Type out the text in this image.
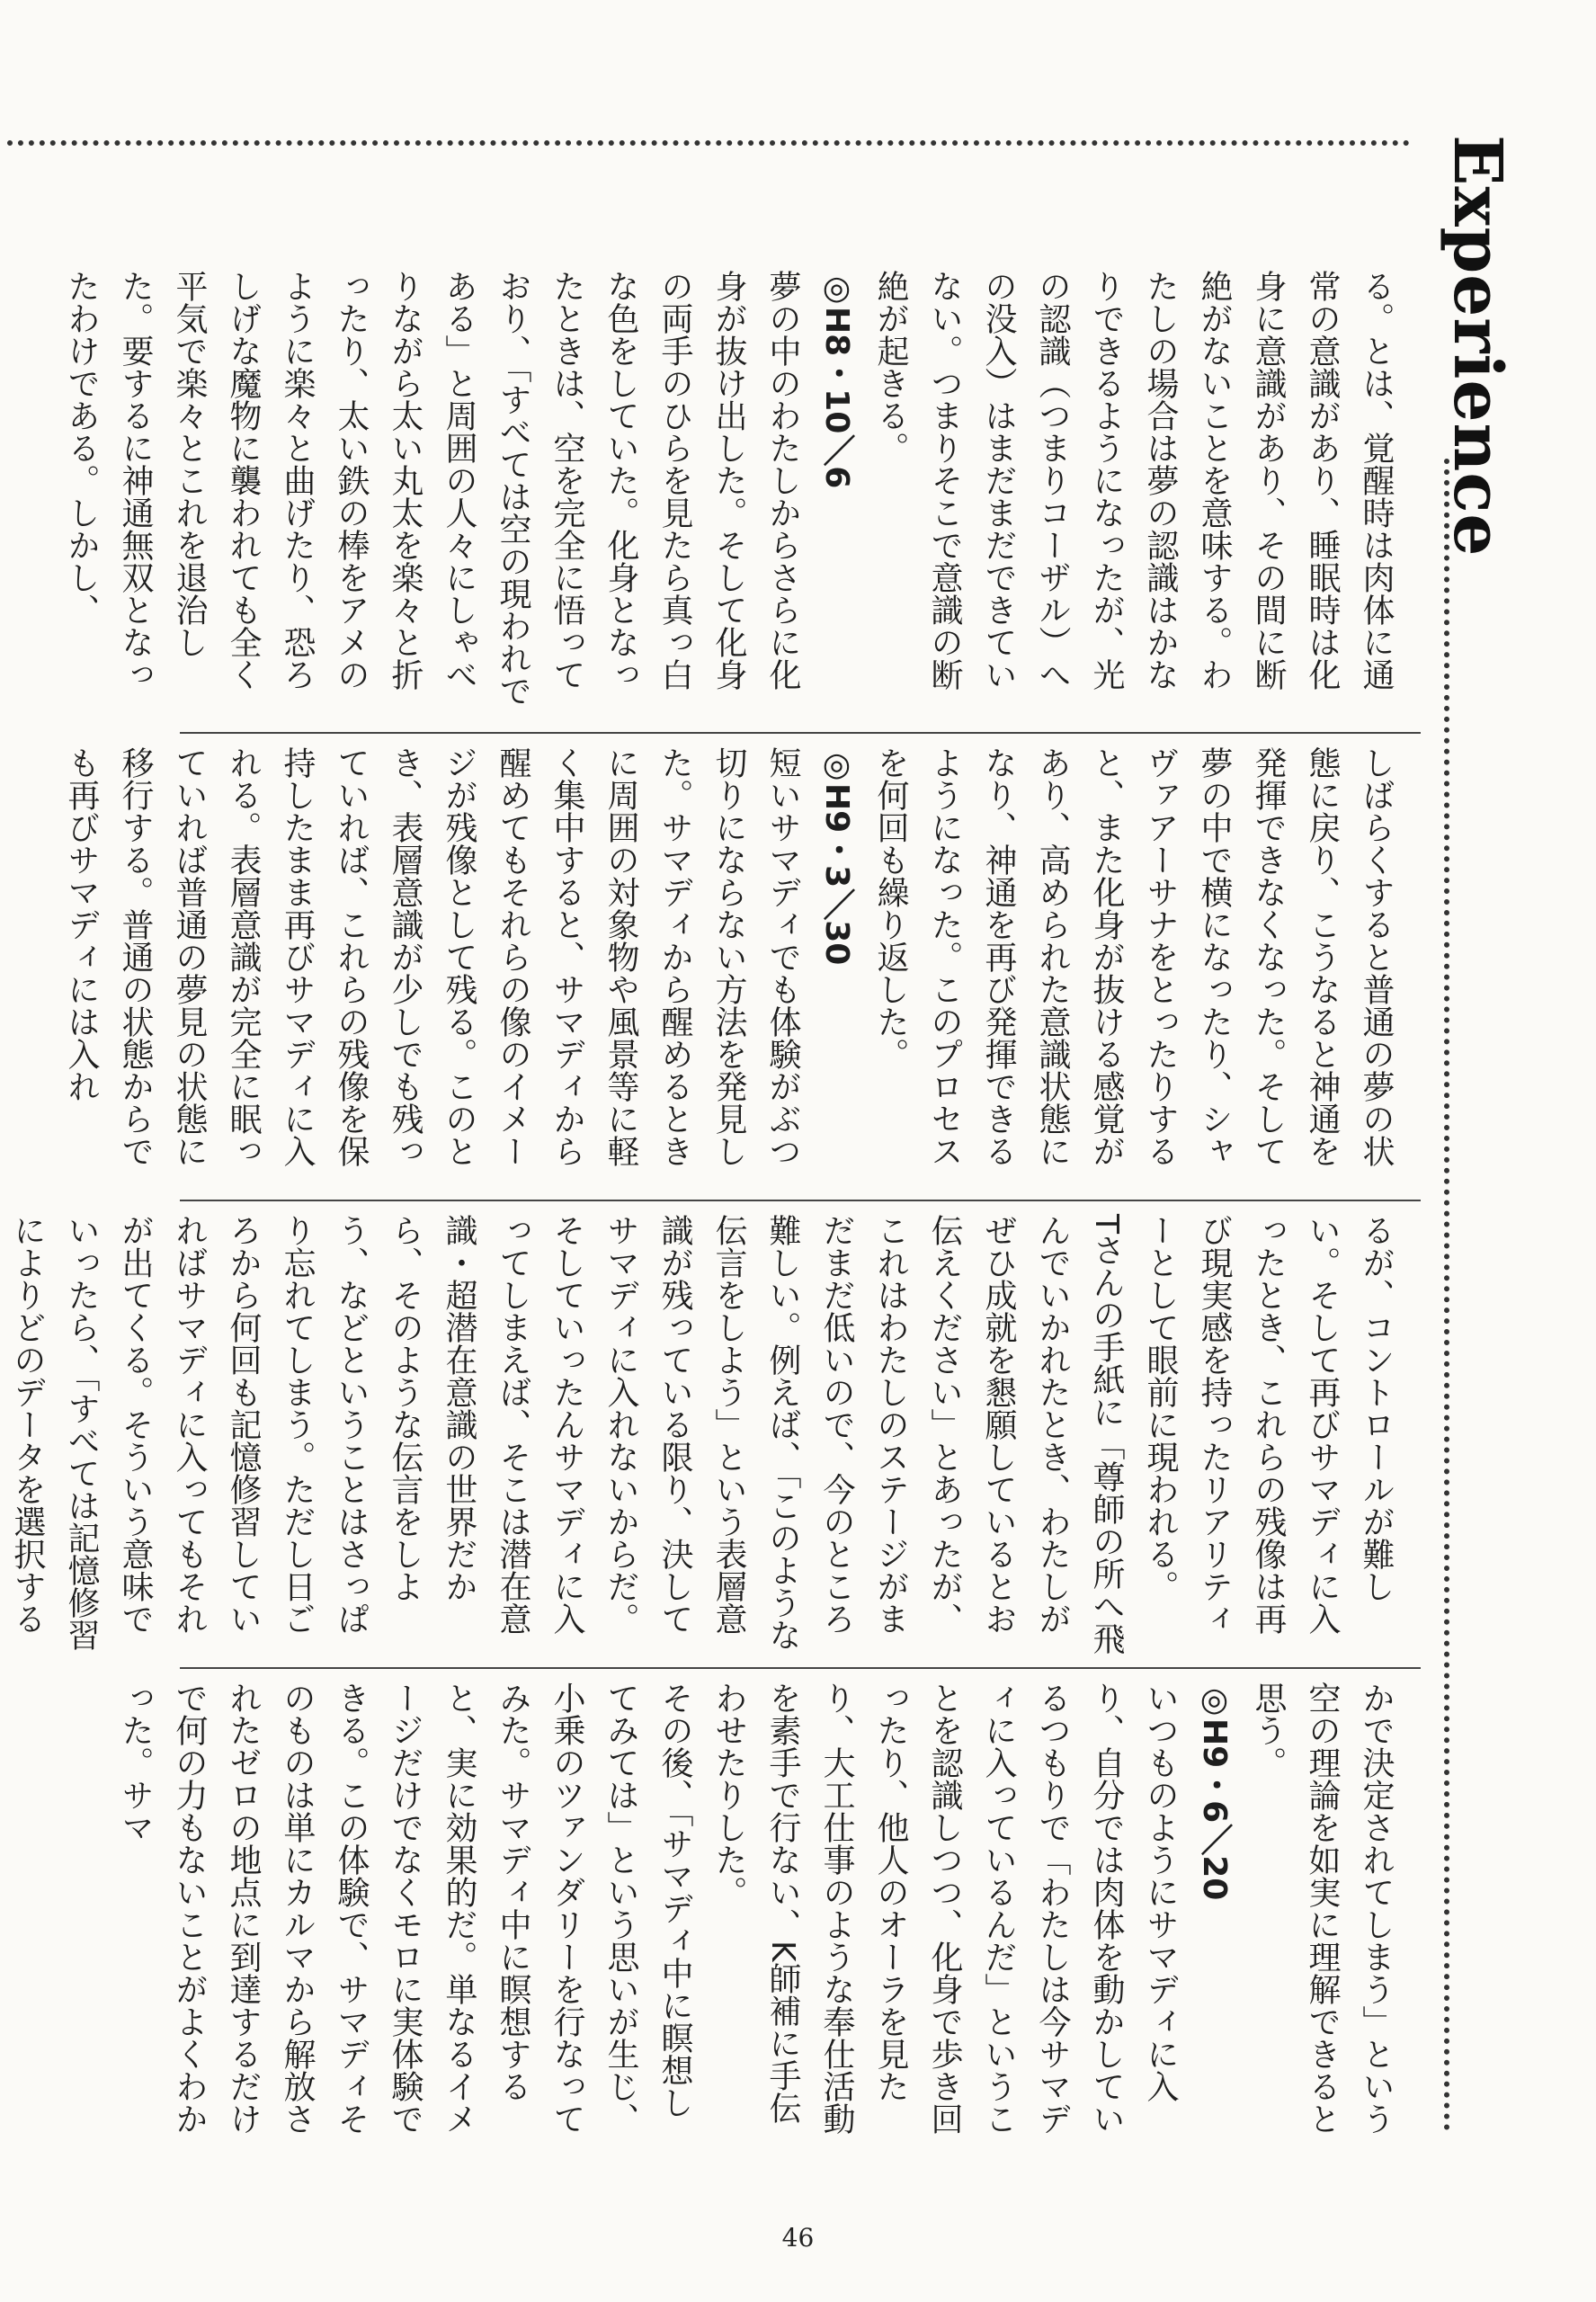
Experience

る。とは、覚醒時は肉体に通常の意識があり、睡眠時は化身に意識があり、その間に断絶がないことを意味する。わたしの場合は夢の認識はかなりできるようになったが、光の認識（つまりコーザル）への没入）はまだまだできていない。つまりそこで意識の断絶が起きる。

◎H8・10／6

夢の中のわたしからさらに化身が抜け出した。そして化身の両手のひらを見たら真っ白な色をしていた。化身となったときは、空を完全に悟っており、「すべては空の現われである」と周囲の人々にしゃべりながら太い丸太を楽々と折ったり、太い鉄の棒をアメのように楽々と曲げたり、恐ろしげな魔物に襲われても全く平気で楽々とこれを退治した。要するに神通無双となったわけである。しかし、

しばらくすると普通の夢の状態に戻り、こうなると神通を発揮できなくなった。そして夢の中で横になったり、シャヴァアーサナをとったりすると、また化身が抜ける感覚があり、高められた意識状態になり、神通を再び発揮できるようになった。このプロセスを何回も繰り返した。

◎H9・3／30

短いサマディでも体験がぶつ切りにならない方法を発見した。サマディから醒めるときに周囲の対象物や風景等に軽く集中すると、サマディから醒めてもそれらの像のイメージが残像として残る。このとき、表層意識が少しでも残っていれば、これらの残像を保持したまま再びサマディに入れる。表層意識が完全に眠っていれば普通の夢見の状態に移行する。普通の状態からでも再びサマディには入れ

るが、コントロールが難しい。そして再びサマディに入ったとき、これらの残像は再び現実感を持ったリアリティーとして眼前に現われる。

Tさんの手紙に「尊師の所へ飛んでいかれたとき、わたしがぜひ成就を懇願しているとお伝えください」とあったが、これはわたしのステージがまだまだ低いので、今のところ難しい。例えば、「このような伝言をしよう」という表層意識が残っている限り、決してサマディに入れないからだ。そしていったんサマディに入ってしまえば、そこは潜在意識・超潜在意識の世界だから、そのような伝言をしよう、などということはさっぱり忘れてしまう。ただし日ごろから何回も記憶修習していればサマディに入ってもそれが出てくる。そういう意味でいったら、「すべては記憶修習によりどのデータを選択する

かで決定されてしまう」という空の理論を如実に理解できると思う。

◎H9・6／20

いつものようにサマディに入り、自分では肉体を動かしているつもりで「わたしは今サマディに入っているんだ」ということを認識しつつ、化身で歩き回ったり、他人のオーラを見たり、大工仕事のような奉仕活動を素手で行ない、K師補に手伝わせたりした。

その後、「サマディ中に瞑想してみては」という思いが生じ、小乗のツァンダリーを行なってみた。サマディ中に瞑想すると、実に効果的だ。単なるイメージだけでなくモロに実体験できる。この体験で、サマディそのものは単にカルマから解放されたゼロの地点に到達するだけで何の力もないことがよくわかった。サマ

46
